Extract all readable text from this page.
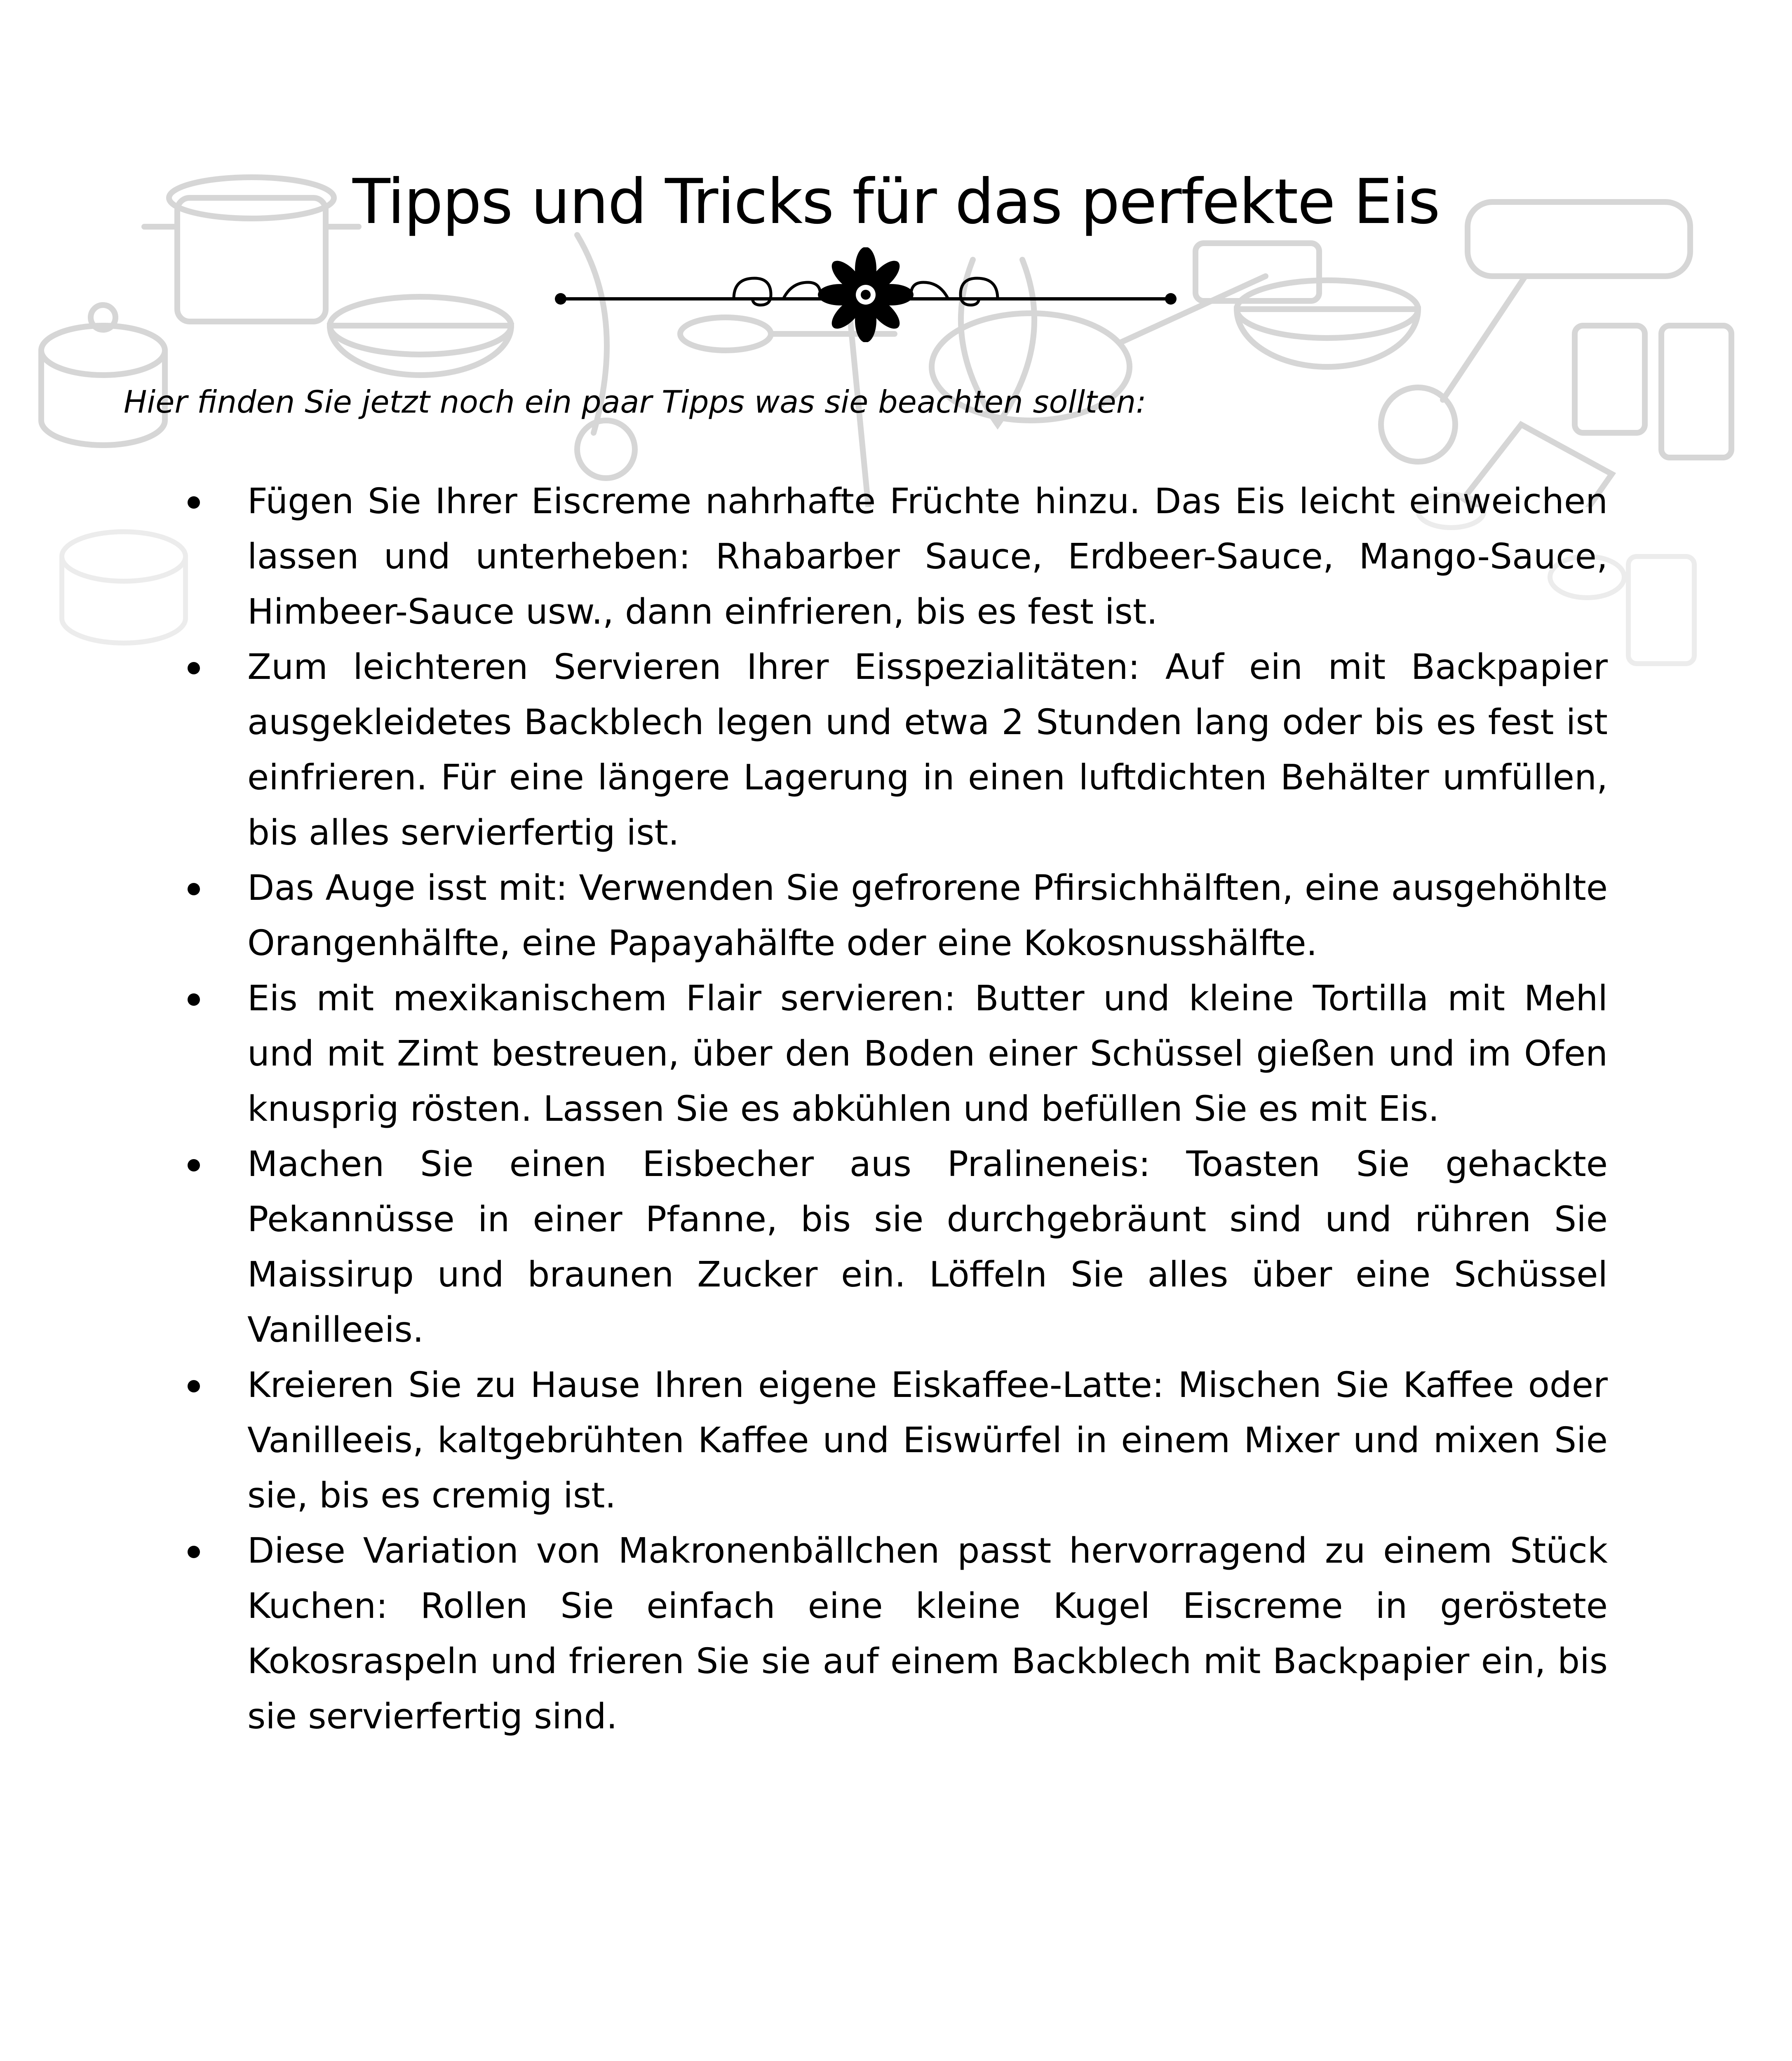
Tipps und Tricks für das perfekte Eis

Hier finden Sie jetzt noch ein paar Tipps was sie beachten sollten:

Fügen Sie Ihrer Eiscreme nahrhafte Früchte hinzu. Das Eis leicht einweichen lassen und unterheben: Rhabarber Sauce, Erdbeer-Sauce, Mango-Sauce, Himbeer-Sauce usw., dann einfrieren, bis es fest ist.
Zum leichteren Servieren Ihrer Eisspezialitäten: Auf ein mit Backpapier ausgekleidetes Backblech legen und etwa 2 Stunden lang oder bis es fest ist einfrieren. Für eine längere Lagerung in einen luftdichten Behälter umfüllen, bis alles servierfertig ist.
Das Auge isst mit: Verwenden Sie gefrorene Pfirsichhälften, eine ausgehöhlte Orangenhälfte, eine Papayahälfte oder eine Kokosnusshälfte.
Eis mit mexikanischem Flair servieren: Butter und kleine Tortilla mit Mehl und mit Zimt bestreuen, über den Boden einer Schüssel gießen und im Ofen knusprig rösten. Lassen Sie es abkühlen und befüllen Sie es mit Eis.
Machen Sie einen Eisbecher aus Pralineneis: Toasten Sie gehackte Pekannüsse in einer Pfanne, bis sie durchgebräunt sind und rühren Sie Maissirup und braunen Zucker ein. Löffeln Sie alles über eine Schüssel Vanilleeis.
Kreieren Sie zu Hause Ihren eigene Eiskaffee-Latte: Mischen Sie Kaffee oder Vanilleeis, kaltgebrühten Kaffee und Eiswürfel in einem Mixer und mixen Sie sie, bis es cremig ist.
Diese Variation von Makronenbällchen passt hervorragend zu einem Stück Kuchen: Rollen Sie einfach eine kleine Kugel Eiscreme in geröstete Kokosraspeln und frieren Sie sie auf einem Backblech mit Backpapier ein, bis sie servierfertig sind.
